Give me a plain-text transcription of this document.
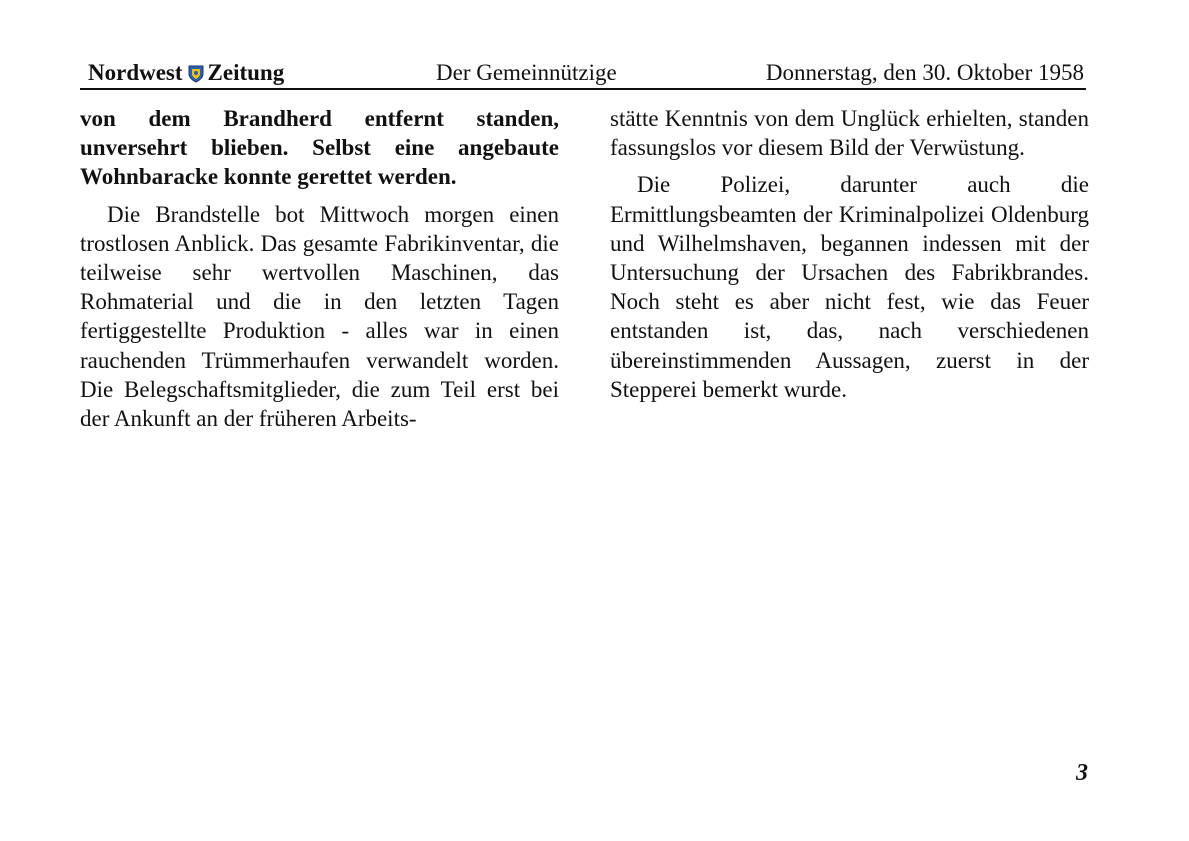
Nordwest Zeitung	Der Gemeinnützige	Donnerstag, den 30. Oktober 1958

von dem Brandherd entfernt standen, unversehrt blieben. Selbst eine angebaute Wohnbaracke konnte gerettet werden.

Die Brandstelle bot Mittwoch morgen einen trostlosen Anblick. Das gesamte Fabrikinventar, die teilweise sehr wertvollen Maschinen, das Rohmaterial und die in den letzten Tagen fertiggestellte Produktion - alles war in einen rauchenden Trümmerhaufen verwandelt worden. Die Belegschaftsmitglieder, die zum Teil erst bei der Ankunft an der früheren Arbeits-

stätte Kenntnis von dem Unglück erhielten, standen fassungslos vor diesem Bild der Verwüstung.

Die Polizei, darunter auch die Ermittlungsbeamten der Kriminalpolizei Oldenburg und Wilhelmshaven, begannen indessen mit der Untersuchung der Ursachen des Fabrikbrandes. Noch steht es aber nicht fest, wie das Feuer entstanden ist, das, nach verschiedenen übereinstimmenden Aussagen, zuerst in der Stepperei bemerkt wurde.

3
